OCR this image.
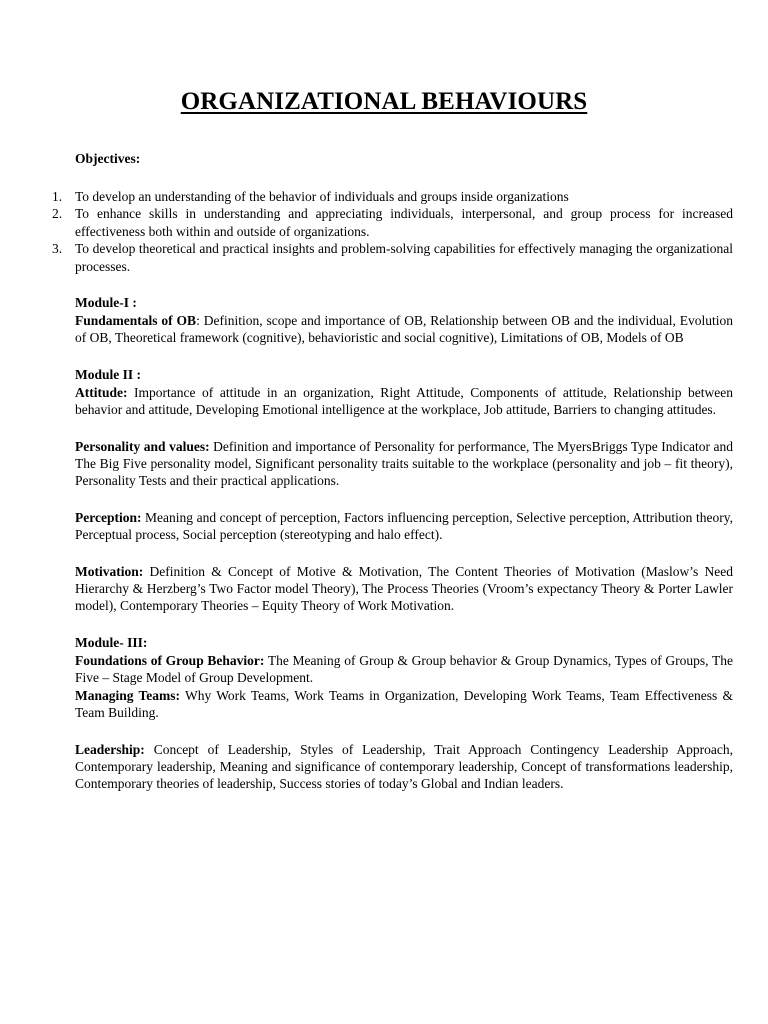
ORGANIZATIONAL BEHAVIOURS
Objectives:
1. To develop an understanding of the behavior of individuals and groups inside organizations
2. To enhance skills in understanding and appreciating individuals, interpersonal, and group process for increased effectiveness both within and outside of organizations.
3. To develop theoretical and practical insights and problem-solving capabilities for effectively managing the organizational processes.
Module-I :

Fundamentals of OB: Definition, scope and importance of OB, Relationship between OB and the individual, Evolution of OB, Theoretical framework (cognitive), behavioristic and social cognitive), Limitations of OB, Models of OB

Module II :

Attitude: Importance of attitude in an organization, Right Attitude, Components of attitude, Relationship between behavior and attitude, Developing Emotional intelligence at the workplace, Job attitude, Barriers to changing attitudes.

Personality and values: Definition and importance of Personality for performance, The MyersBriggs Type Indicator and The Big Five personality model, Significant personality traits suitable to the workplace (personality and job – fit theory), Personality Tests and their practical applications.

Perception: Meaning and concept of perception, Factors influencing perception, Selective perception, Attribution theory, Perceptual process, Social perception (stereotyping and halo effect).

Motivation: Definition & Concept of Motive & Motivation, The Content Theories of Motivation (Maslow’s Need Hierarchy & Herzberg’s Two Factor model Theory), The Process Theories (Vroom’s expectancy Theory & Porter Lawler model), Contemporary Theories – Equity Theory of Work Motivation.

Module- III:

Foundations of Group Behavior: The Meaning of Group & Group behavior & Group Dynamics, Types of Groups, The Five – Stage Model of Group Development.

Managing Teams: Why Work Teams, Work Teams in Organization, Developing Work Teams, Team Effectiveness & Team Building.

Leadership: Concept of Leadership, Styles of Leadership, Trait Approach Contingency Leadership Approach, Contemporary leadership, Meaning and significance of contemporary leadership, Concept of transformations leadership, Contemporary theories of leadership, Success stories of today’s Global and Indian leaders.
